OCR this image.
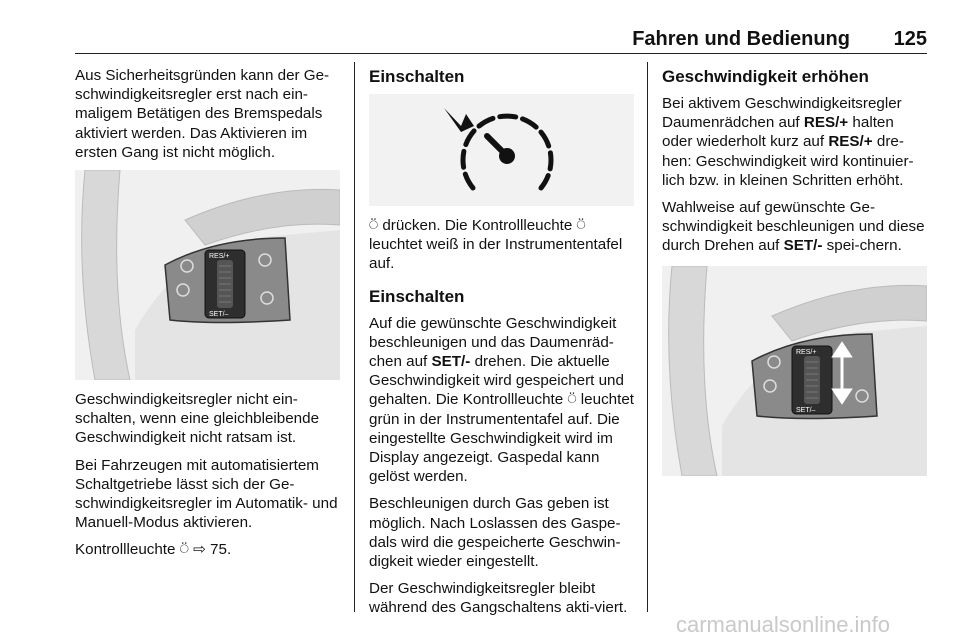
Fahren und Bedienung 125

Aus Sicherheitsgründen kann der Ge-schwindigkeitsregler erst nach ein-maligem Betätigen des Bremspedals aktiviert werden. Das Aktivieren im ersten Gang ist nicht möglich.

RES/+
SET/–

Geschwindigkeitsregler nicht ein-schalten, wenn eine gleichbleibende Geschwindigkeit nicht ratsam ist.

Bei Fahrzeugen mit automatisiertem Schaltgetriebe lässt sich der Ge-schwindigkeitsregler im Automatik- und Manuell-Modus aktivieren.

Kontrollleuchte ⍥ ⇨ 75.

Einschalten

⍥ drücken. Die Kontrollleuchte ⍥ leuchtet weiß in der Instrumententafel auf.

Einschalten

Auf die gewünschte Geschwindigkeit beschleunigen und das Daumenräd-chen auf SET/- drehen. Die aktuelle Geschwindigkeit wird gespeichert und gehalten. Die Kontrollleuchte ⍥ leuchtet grün in der Instrumententafel auf. Die eingestellte Geschwindigkeit wird im Display angezeigt. Gaspedal kann gelöst werden.

Beschleunigen durch Gas geben ist möglich. Nach Loslassen des Gaspe-dals wird die gespeicherte Geschwin-digkeit wieder eingestellt.

Der Geschwindigkeitsregler bleibt während des Gangschaltens akti-viert.

Geschwindigkeit erhöhen

Bei aktivem Geschwindigkeitsregler Daumenrädchen auf RES/+ halten oder wiederholt kurz auf RES/+ dre-hen: Geschwindigkeit wird kontinuier-lich bzw. in kleinen Schritten erhöht.

Wahlweise auf gewünschte Ge-schwindigkeit beschleunigen und diese durch Drehen auf SET/- spei-chern.

RES/+
SET/–
carmanualsonline.info
